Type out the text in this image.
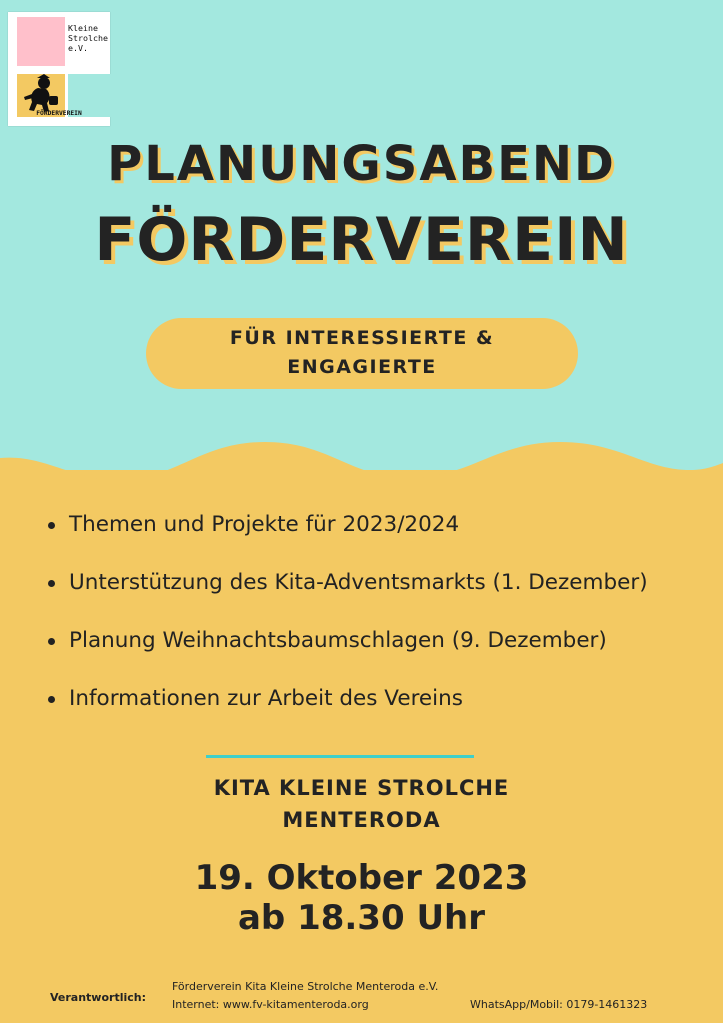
Kleine
Strolche
e.V.
FÖRDERVEREIN
PLANUNGSABEND
FÖRDERVEREIN
FÜR INTERESSIERTE &
ENGAGIERTE
Themen und Projekte für 2023/2024
Unterstützung des Kita-Adventsmarkts (1. Dezember)
Planung Weihnachtsbaumschlagen (9. Dezember)
Informationen zur Arbeit des Vereins
KITA KLEINE STROLCHE
MENTERODA
19. Oktober 2023
ab 18.30 Uhr
Verantwortlich:
Förderverein Kita Kleine Strolche Menteroda e.V.
Internet: www.fv-kitamenteroda.org	WhatsApp/Mobil: 0179-1461323
